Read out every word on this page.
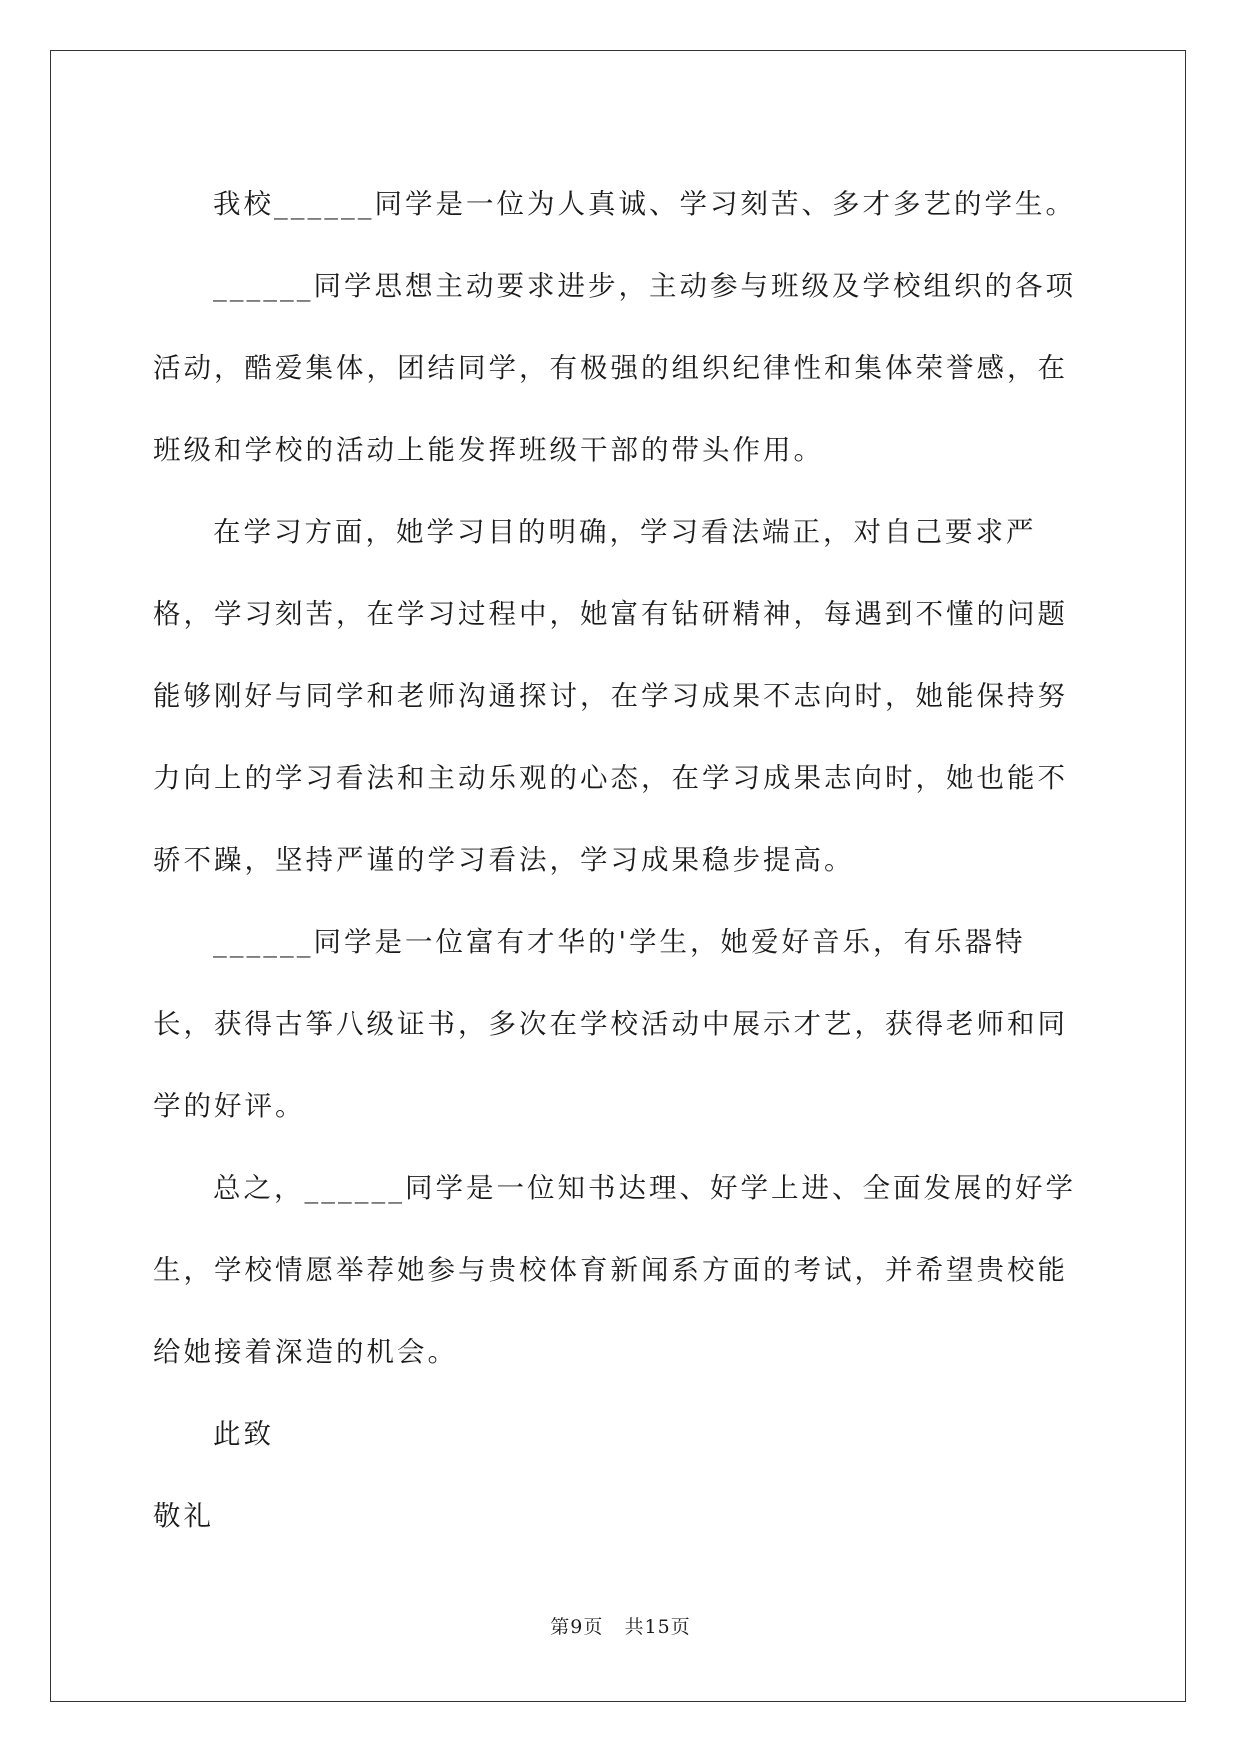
我校______同学是一位为人真诚、学习刻苦、多才多艺的学生。

______同学思想主动要求进步，主动参与班级及学校组织的各项活动，酷爱集体，团结同学，有极强的组织纪律性和集体荣誉感，在班级和学校的活动上能发挥班级干部的带头作用。

在学习方面，她学习目的明确，学习看法端正，对自己要求严格，学习刻苦，在学习过程中，她富有钻研精神，每遇到不懂的问题能够刚好与同学和老师沟通探讨，在学习成果不志向时，她能保持努力向上的学习看法和主动乐观的心态，在学习成果志向时，她也能不骄不躁，坚持严谨的学习看法，学习成果稳步提高。

______同学是一位富有才华的'学生，她爱好音乐，有乐器特长，获得古筝八级证书，多次在学校活动中展示才艺，获得老师和同学的好评。

总之，______同学是一位知书达理、好学上进、全面发展的好学生，学校情愿举荐她参与贵校体育新闻系方面的考试，并希望贵校能给她接着深造的机会。

此致

敬礼

第9页 共15页
